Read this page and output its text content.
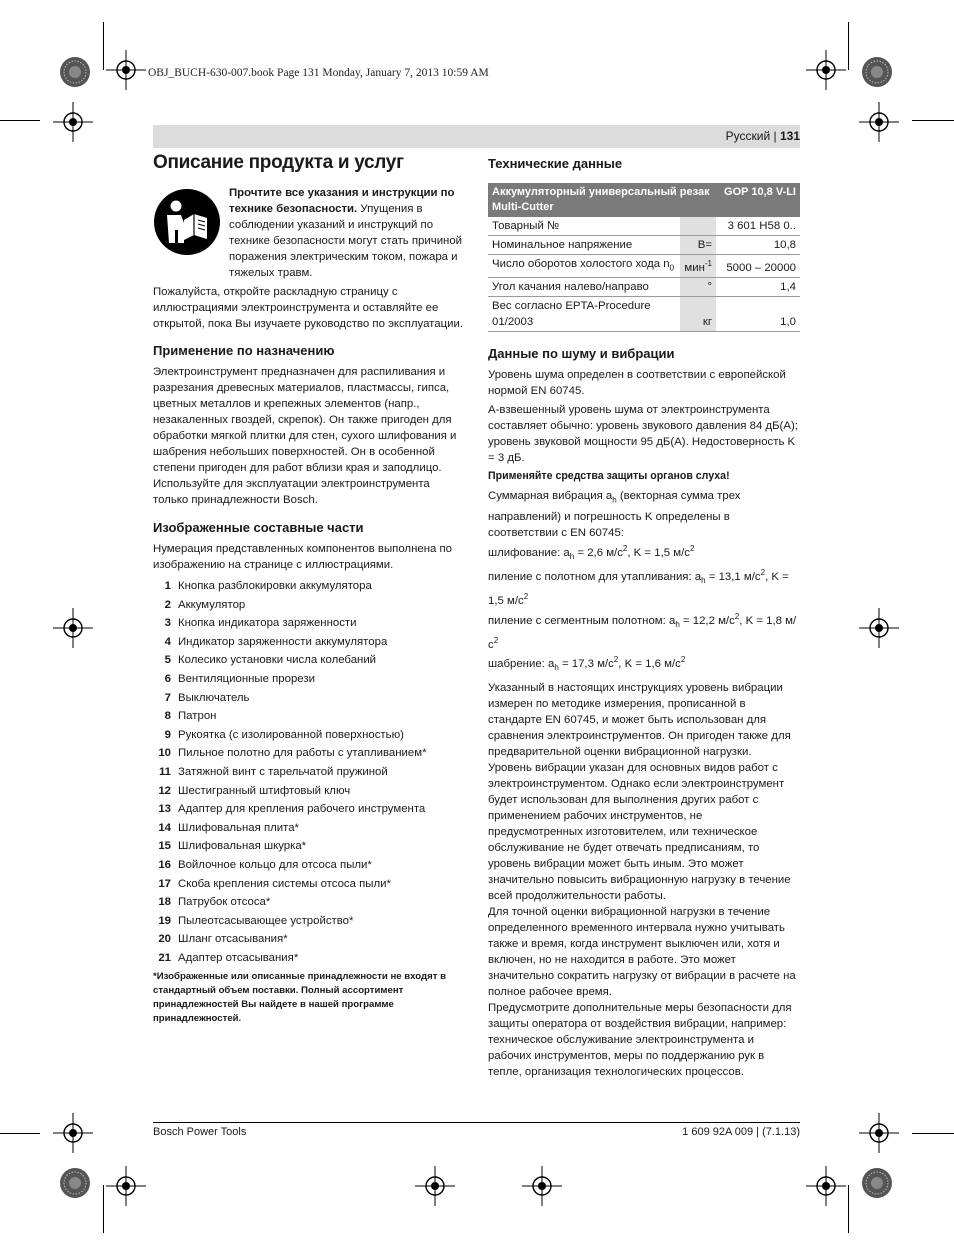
OBJ_BUCH-630-007.book Page 131 Monday, January 7, 2013 10:59 AM
Русский | 131
Описание продукта и услуг
Прочтите все указания и инструкции по технике безопасности. Упущения в соблюдении указаний и инструкций по технике безопасности могут стать причиной поражения электрическим током, пожара и тяжелых травм.

Пожалуйста, откройте раскладную страницу с иллюстрациями электроинструмента и оставляйте ее открытой, пока Вы изучаете руководство по эксплуатации.

Применение по назначению

Электроинструмент предназначен для распиливания и разрезания древесных материалов, пластмассы, гипса, цветных металлов и крепежных элементов (напр., незакаленных гвоздей, скрепок). Он также пригоден для обработки мягкой плитки для стен, сухого шлифования и шабрения небольших поверхностей. Он в особенной степени пригоден для работ вблизи края и заподлицо. Используйте для эксплуатации электроинструмента только принадлежности Bosch.

Изображенные составные части

Нумерация представленных компонентов выполнена по изображению на странице с иллюстрациями.

1 Кнопка разблокировки аккумулятора
2 Аккумулятор
3 Кнопка индикатора заряженности
4 Индикатор заряженности аккумулятора
5 Колесико установки числа колебаний
6 Вентиляционные прорези
7 Выключатель
8 Патрон
9 Рукоятка (с изолированной поверхностью)
10 Пильное полотно для работы с утапливанием*
11 Затяжной винт с тарельчатой пружиной
12 Шестигранный штифтовый ключ
13 Адаптер для крепления рабочего инструмента
14 Шлифовальная плита*
15 Шлифовальная шкурка*
16 Войлочное кольцо для отсоса пыли*
17 Скоба крепления системы отсоса пыли*
18 Патрубок отсоса*
19 Пылеотсасывающее устройство*
20 Шланг отсасывания*
21 Адаптер отсасывания*

*Изображенные или описанные принадлежности не входят в стандартный объем поставки. Полный ассортимент принадлежностей Вы найдете в нашей программе принадлежностей.

Технические данные
Аккумуляторный универсальный резак Multi-Cutter		GOP 10,8 V-LI
Товарный №		3 601 H58 0..
Номинальное напряжение	В=	10,8
Число оборотов холостого хода $n_0$	мин$^{-1}$	5000 – 20000
Угол качания налево/направо	°	1,4
Вес согласно EPTA-Procedure 01/2003	кг	1,0
Данные по шуму и вибрации

Уровень шума определен в соответствии с европейской нормой EN 60745.

А-взвешенный уровень шума от электроинструмента составляет обычно: уровень звукового давления 84 дБ(A); уровень звуковой мощности 95 дБ(A). Недостоверность K = 3 дБ.

Применяйте средства защиты органов слуха!

Суммарная вибрация $a_h$ (векторная сумма трех направлений) и погрешность K определены в соответствии с EN 60745:

шлифование: $a_h = 2,6$ $м/с^2$, K = 1,5 $м/с^2$
пиление с полотном для утапливания: $a_h = 13,1$ $м/с^2$, K = 1,5 $м/с^2$
пиление с сегментным полотном: $a_h = 12,2$ $м/с^2$, K = 1,8 $м/с^2$
шабрение: $a_h = 17,3$ $м/с^2$, K = 1,6 $м/с^2$

Указанный в настоящих инструкциях уровень вибрации измерен по методике измерения, прописанной в стандарте EN 60745, и может быть использован для сравнения электроинструментов. Он пригоден также для предварительной оценки вибрационной нагрузки.

Уровень вибрации указан для основных видов работ с электроинструментом. Однако если электроинструмент будет использован для выполнения других работ с применением рабочих инструментов, не предусмотренных изготовителем, или техническое обслуживание не будет отвечать предписаниям, то уровень вибрации может быть иным. Это может значительно повысить вибрационную нагрузку в течение всей продолжительности работы.

Для точной оценки вибрационной нагрузки в течение определенного временного интервала нужно учитывать также и время, когда инструмент выключен или, хотя и включен, но не находится в работе. Это может значительно сократить нагрузку от вибрации в расчете на полное рабочее время.

Предусмотрите дополнительные меры безопасности для защиты оператора от воздействия вибрации, например: техническое обслуживание электроинструмента и рабочих инструментов, меры по поддержанию рук в тепле, организация технологических процессов.

Bosch Power Tools	1 609 92A 009 | (7.1.13)
